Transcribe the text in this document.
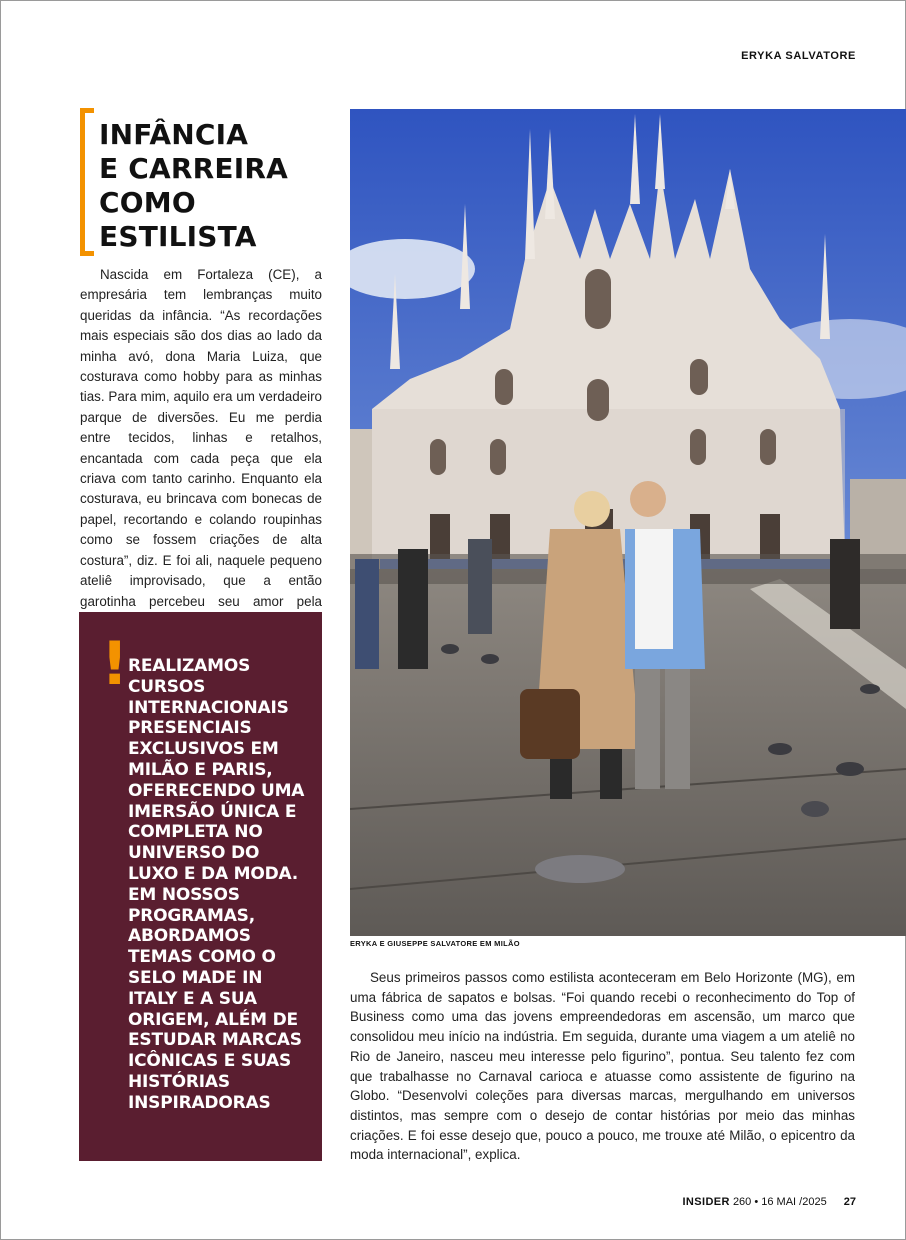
ERYKA SALVATORE
INFÂNCIA
E CARREIRA
COMO
ESTILISTA

Nascida em Fortaleza (CE), a empresária tem lembranças muito queridas da infância. “As recordações mais especiais são dos dias ao lado da minha avó, dona Maria Luiza, que costurava como hobby para as minhas tias. Para mim, aquilo era um verdadeiro parque de diversões. Eu me perdia entre tecidos, linhas e retalhos, encantada com cada peça que ela criava com tanto carinho. Enquanto ela costurava, eu brincava com bonecas de papel, recortando e colando roupinhas como se fossem criações de alta costura”, diz. E foi ali, naquele pequeno ateliê improvisado, que a então garotinha percebeu seu amor pela

! REALIZAMOS CURSOS INTERNACIONAIS PRESENCIAIS EXCLUSIVOS EM MILÃO E PARIS, OFERECENDO UMA IMERSÃO ÚNICA E COMPLETA NO UNIVERSO DO LUXO E DA MODA. EM NOSSOS PROGRAMAS, ABORDAMOS TEMAS COMO O SELO MADE IN ITALY E A SUA ORIGEM, ALÉM DE ESTUDAR MARCAS ICÔNICAS E SUAS HISTÓRIAS INSPIRADORAS

ERYKA E GIUSEPPE SALVATORE EM MILÃO

Seus primeiros passos como estilista aconteceram em Belo Horizonte (MG), em uma fábrica de sapatos e bolsas. “Foi quando recebi o reconhecimento do Top of Business como uma das jovens empreendedoras em ascensão, um marco que consolidou meu início na indústria. Em seguida, durante uma viagem a um ateliê no Rio de Janeiro, nasceu meu interesse pelo figurino”, pontua. Seu talento fez com que trabalhasse no Carnaval carioca e atuasse como assistente de figurino na Globo. “Desenvolvi coleções para diversas marcas, mergulhando em universos distintos, mas sempre com o desejo de contar histórias por meio das minhas criações. E foi esse desejo que, pouco a pouco, me trouxe até Milão, o epicentro da moda internacional”, explica.

INSIDER 260 • 16 MAI /2025 27
